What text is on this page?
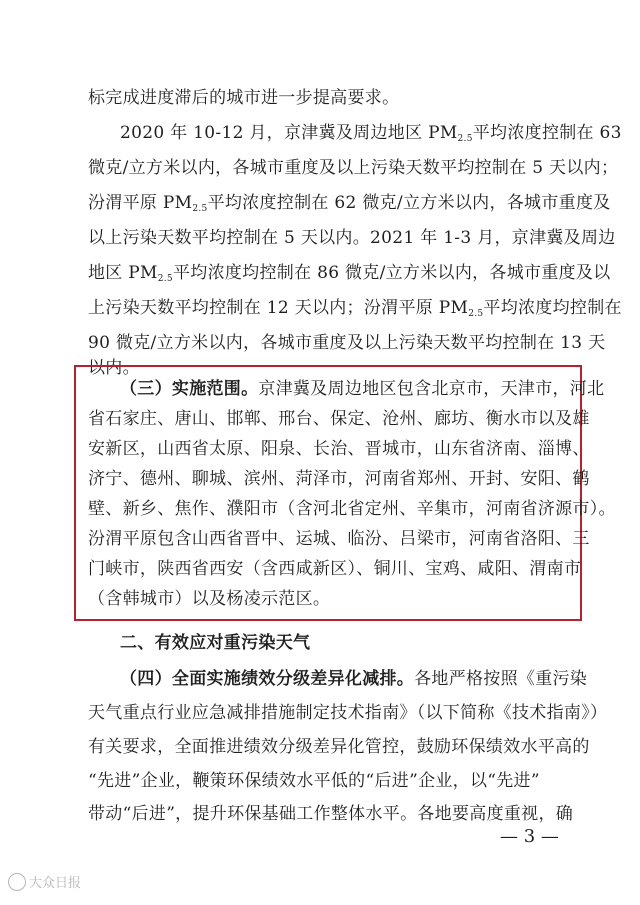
标完成进度滞后的城市进一步提高要求。
2020 年 10-12 月，京津冀及周边地区 $PM_{2.5}$平均浓度控制在 63
微克/立方米以内，各城市重度及以上污染天数平均控制在 5 天以内；
汾渭平原 $PM_{2.5}$平均浓度控制在 62 微克/立方米以内，各城市重度及
以上污染天数平均控制在 5 天以内。2021 年 1-3 月，京津冀及周边
地区 $PM_{2.5}$平均浓度均控制在 86 微克/立方米以内，各城市重度及以
上污染天数平均控制在 12 天以内；汾渭平原 $PM_{2.5}$平均浓度均控制在
90 微克/立方米以内，各城市重度及以上污染天数平均控制在 13 天
以内。
（三）实施范围。京津冀及周边地区包含北京市，天津市，河北
省石家庄、唐山、邯郸、邢台、保定、沧州、廊坊、衡水市以及雄
安新区，山西省太原、阳泉、长治、晋城市，山东省济南、淄博、
济宁、德州、聊城、滨州、菏泽市，河南省郑州、开封、安阳、鹤
壁、新乡、焦作、濮阳市（含河北省定州、辛集市，河南省济源市）。
汾渭平原包含山西省晋中、运城、临汾、吕梁市，河南省洛阳、三
门峡市，陕西省西安（含西咸新区）、铜川、宝鸡、咸阳、渭南市
（含韩城市）以及杨凌示范区。
二、有效应对重污染天气
（四）全面实施绩效分级差异化减排。各地严格按照《重污染
天气重点行业应急减排措施制定技术指南》（以下简称《技术指南》）
有关要求，全面推进绩效分级差异化管控，鼓励环保绩效水平高的
“先进”企业，鞭策环保绩效水平低的“后进”企业，以“先进”
带动“后进”，提升环保基础工作整体水平。各地要高度重视，确
— 3 —
大众日报
